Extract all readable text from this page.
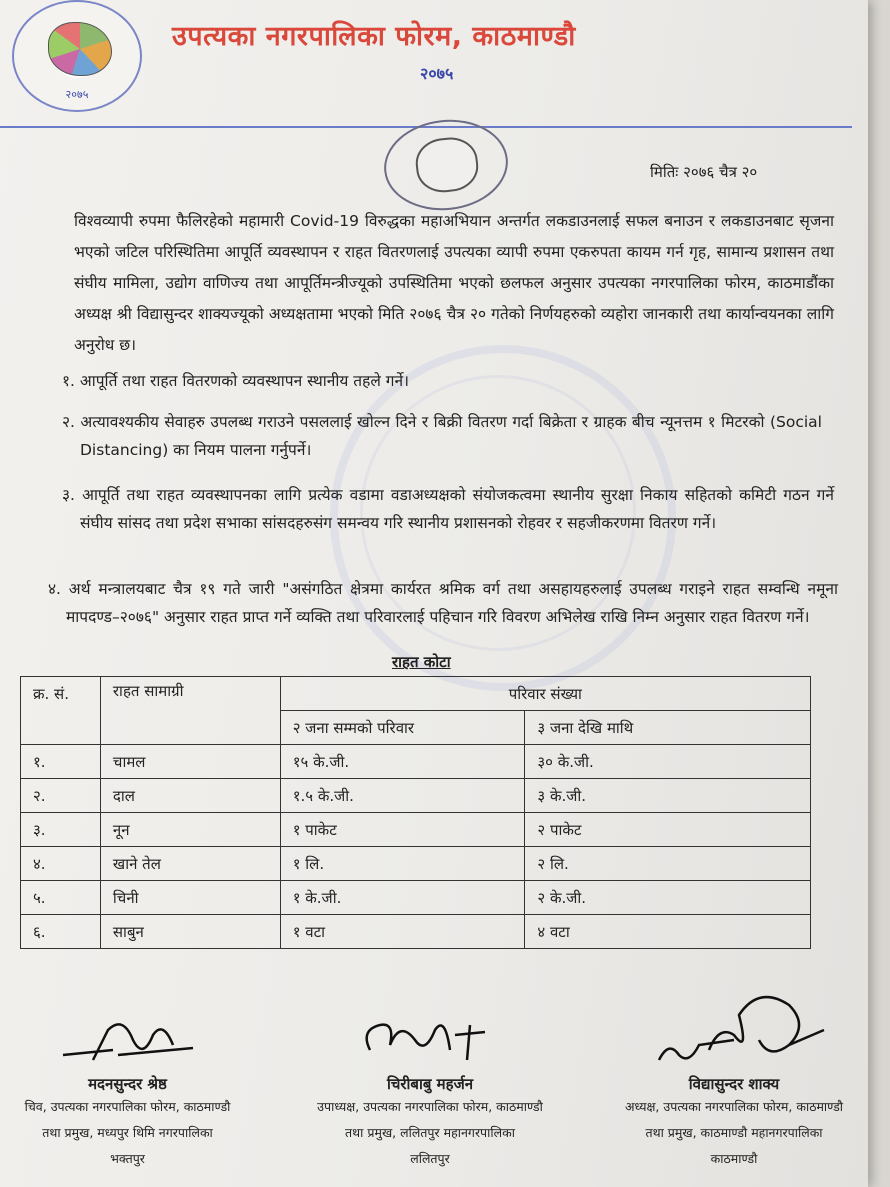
२०७५
उपत्यका नगरपालिका फोरम, काठमाण्डौ
२०७५
मितिः २०७६ चैत्र २०
विश्वव्यापी रुपमा फैलिरहेको महामारी Covid-19 विरुद्धका महाअभियान अन्तर्गत लकडाउनलाई सफल बनाउन र लकडाउनबाट सृजना भएको जटिल परिस्थितिमा आपूर्ति व्यवस्थापन र राहत वितरणलाई उपत्यका व्यापी रुपमा एकरुपता कायम गर्न गृह, सामान्य प्रशासन तथा संघीय मामिला, उद्योग वाणिज्य तथा आपूर्तिमन्त्रीज्यूको उपस्थितिमा भएको छलफल अनुसार उपत्यका नगरपालिका फोरम, काठमाडौंका अध्यक्ष श्री विद्यासुन्दर शाक्यज्यूको अध्यक्षतामा भएको मिति २०७६ चैत्र २० गतेको निर्णयहरुको व्यहोरा जानकारी तथा कार्यान्वयनका लागि अनुरोध छ।
१. आपूर्ति तथा राहत वितरणको व्यवस्थापन स्थानीय तहले गर्ने।
२. अत्यावश्यकीय सेवाहरु उपलब्ध गराउने पसललाई खोल्न दिने र बिक्री वितरण गर्दा बिक्रेता र ग्राहक बीच न्यूनत्तम १ मिटरको (Social Distancing) का नियम पालना गर्नुपर्ने।
३. आपूर्ति तथा राहत व्यवस्थापनका लागि प्रत्येक वडामा वडाअध्यक्षको संयोजकत्वमा स्थानीय सुरक्षा निकाय सहितको कमिटी गठन गर्ने संघीय सांसद तथा प्रदेश सभाका सांसदहरुसंग समन्वय गरि स्थानीय प्रशासनको रोहवर र सहजीकरणमा वितरण गर्ने।
४. अर्थ मन्त्रालयबाट चैत्र १९ गते जारी "असंगठित क्षेत्रमा कार्यरत श्रमिक वर्ग तथा असहायहरुलाई उपलब्ध गराइने राहत सम्वन्धि नमूना मापदण्ड–२०७६" अनुसार राहत प्राप्त गर्ने व्यक्ति तथा परिवारलाई पहिचान गरि विवरण अभिलेख राखि निम्न अनुसार राहत वितरण गर्ने।
राहत कोटा
क्र. सं.	राहत सामाग्री	परिवार संख्या	
		२ जना सम्मको परिवार	३ जना देखि माथि
१.	चामल	१५ के.जी.	३० के.जी.
२.	दाल	१.५ के.जी.	३ के.जी.
३.	नून	१ पाकेट	२ पाकेट
४.	खाने तेल	१ लि.	२ लि.
५.	चिनी	१ के.जी.	२ के.जी.
६.	साबुन	१ वटा	४ वटा
मदनसुन्दर श्रेष्ठ
चिव, उपत्यका नगरपालिका फोरम, काठमाण्डौ
तथा प्रमुख, मध्यपुर थिमि नगरपालिका
भक्तपुर
चिरीबाबु महर्जन
उपाध्यक्ष, उपत्यका नगरपालिका फोरम, काठमाण्डौ
तथा प्रमुख, ललितपुर महानगरपालिका
ललितपुर
विद्यासुन्दर शाक्य
अध्यक्ष, उपत्यका नगरपालिका फोरम, काठमाण्डौ
तथा प्रमुख, काठमाण्डौ महानगरपालिका
काठमाण्डौ
